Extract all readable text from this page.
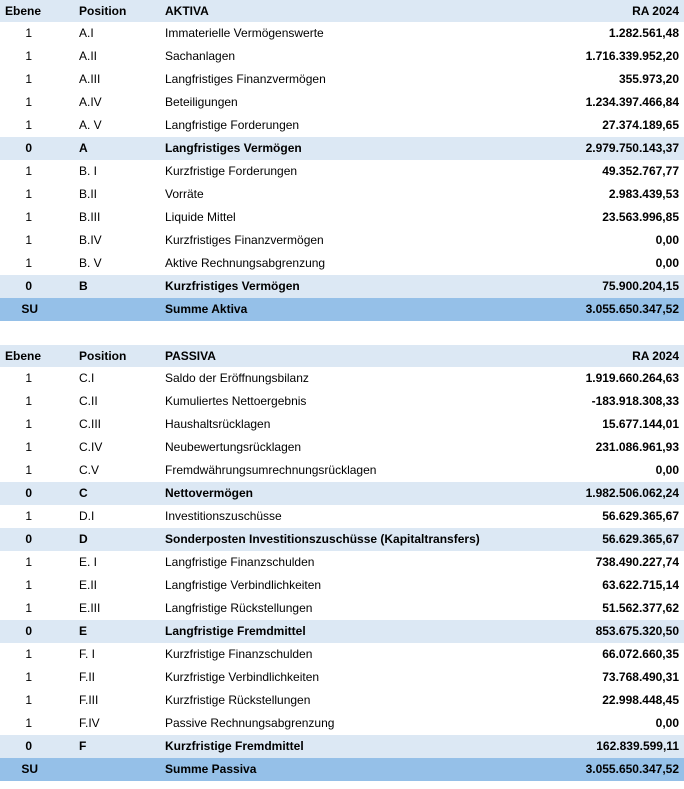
Ebene	Position	AKTIVA	RA 2024
1	A.I	Immaterielle Vermögenswerte	1.282.561,48
1	A.II	Sachanlagen	1.716.339.952,20
1	A.III	Langfristiges Finanzvermögen	355.973,20
1	A.IV	Beteiligungen	1.234.397.466,84
1	A. V	Langfristige Forderungen	27.374.189,65
0	A	Langfristiges Vermögen	2.979.750.143,37
1	B. I	Kurzfristige Forderungen	49.352.767,77
1	B.II	Vorräte	2.983.439,53
1	B.III	Liquide Mittel	23.563.996,85
1	B.IV	Kurzfristiges Finanzvermögen	0,00
1	B. V	Aktive Rechnungsabgrenzung	0,00
0	B	Kurzfristiges Vermögen	75.900.204,15
SU		Summe Aktiva	3.055.650.347,52
Ebene	Position	PASSIVA	RA 2024
1	C.I	Saldo der Eröffnungsbilanz	1.919.660.264,63
1	C.II	Kumuliertes Nettoergebnis	-183.918.308,33
1	C.III	Haushaltsrücklagen	15.677.144,01
1	C.IV	Neubewertungsrücklagen	231.086.961,93
1	C.V	Fremdwährungsumrechnungsrücklagen	0,00
0	C	Nettovermögen	1.982.506.062,24
1	D.I	Investitionszuschüsse	56.629.365,67
0	D	Sonderposten Investitionszuschüsse (Kapitaltransfers)	56.629.365,67
1	E. I	Langfristige Finanzschulden	738.490.227,74
1	E.II	Langfristige Verbindlichkeiten	63.622.715,14
1	E.III	Langfristige Rückstellungen	51.562.377,62
0	E	Langfristige Fremdmittel	853.675.320,50
1	F. I	Kurzfristige Finanzschulden	66.072.660,35
1	F.II	Kurzfristige Verbindlichkeiten	73.768.490,31
1	F.III	Kurzfristige Rückstellungen	22.998.448,45
1	F.IV	Passive Rechnungsabgrenzung	0,00
0	F	Kurzfristige Fremdmittel	162.839.599,11
SU		Summe Passiva	3.055.650.347,52
